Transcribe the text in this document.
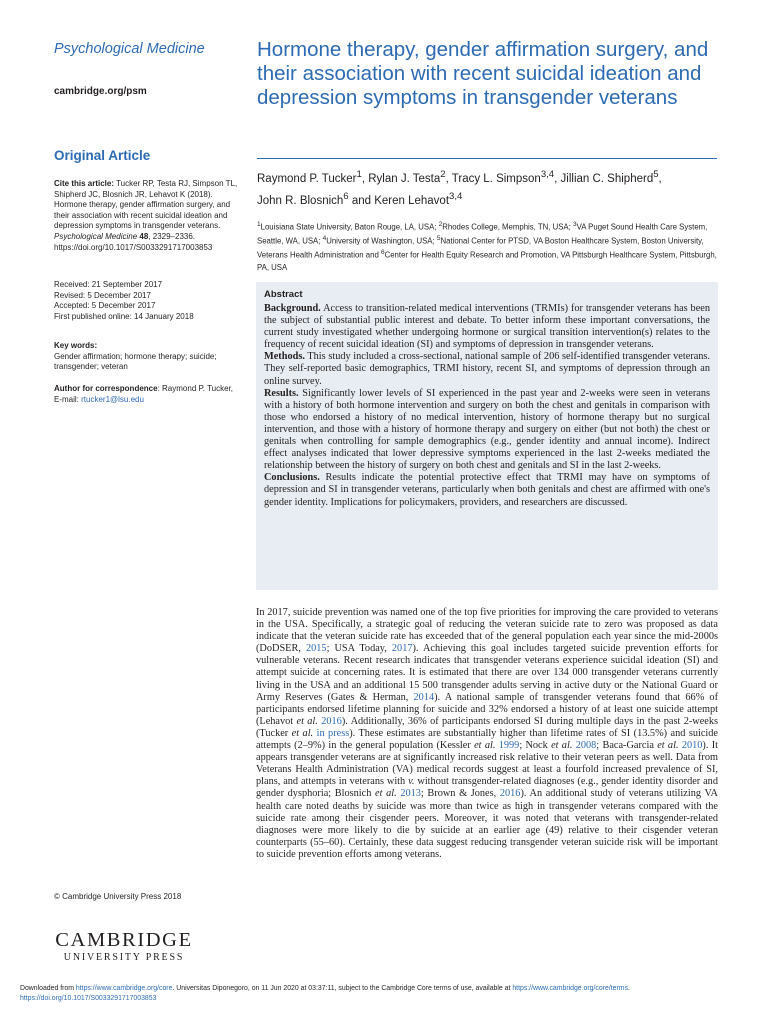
Psychological Medicine
cambridge.org/psm
Original Article
Cite this article: Tucker RP, Testa RJ, Simpson TL, Shipherd JC, Blosnich JR, Lehavot K (2018). Hormone therapy, gender affirmation surgery, and their association with recent suicidal ideation and depression symptoms in transgender veterans. Psychological Medicine 48, 2329–2336. https://doi.org/10.1017/S0033291717003853
Received: 21 September 2017
Revised: 5 December 2017
Accepted: 5 December 2017
First published online: 14 January 2018
Key words:
Gender affirmation; hormone therapy; suicide; transgender; veteran
Author for correspondence: Raymond P. Tucker, E-mail: rtucker1@lsu.edu
© Cambridge University Press 2018
CAMBRIDGE
UNIVERSITY PRESS
Hormone therapy, gender affirmation surgery, and their association with recent suicidal ideation and depression symptoms in transgender veterans
Raymond P. Tucker$^1$, Rylan J. Testa$^2$, Tracy L. Simpson$^{3,4}$, Jillian C. Shipherd$^5$,
John R. Blosnich$^6$ and Keren Lehavot$^{3,4}$
$^1$Louisiana State University, Baton Rouge, LA, USA; $^2$Rhodes College, Memphis, TN, USA; $^3$VA Puget Sound Health Care System, Seattle, WA, USA; $^4$University of Washington, USA; $^5$National Center for PTSD, VA Boston Healthcare System, Boston University, Veterans Health Administration and $^6$Center for Health Equity Research and Promotion, VA Pittsburgh Healthcare System, Pittsburgh, PA, USA
Abstract

Background. Access to transition-related medical interventions (TRMIs) for transgender veterans has been the subject of substantial public interest and debate. To better inform these important conversations, the current study investigated whether undergoing hormone or surgical transition intervention(s) relates to the frequency of recent suicidal ideation (SI) and symptoms of depression in transgender veterans.

Methods. This study included a cross-sectional, national sample of 206 self-identified transgender veterans. They self-reported basic demographics, TRMI history, recent SI, and symptoms of depression through an online survey.

Results. Significantly lower levels of SI experienced in the past year and 2-weeks were seen in veterans with a history of both hormone intervention and surgery on both the chest and genitals in comparison with those who endorsed a history of no medical intervention, history of hormone therapy but no surgical intervention, and those with a history of hormone therapy and surgery on either (but not both) the chest or genitals when controlling for sample demographics (e.g., gender identity and annual income). Indirect effect analyses indicated that lower depressive symptoms experienced in the last 2-weeks mediated the relationship between the history of surgery on both chest and genitals and SI in the last 2-weeks.

Conclusions. Results indicate the potential protective effect that TRMI may have on symptoms of depression and SI in transgender veterans, particularly when both genitals and chest are affirmed with one's gender identity. Implications for policymakers, providers, and researchers are discussed.

In 2017, suicide prevention was named one of the top five priorities for improving the care provided to veterans in the USA. Specifically, a strategic goal of reducing the veteran suicide rate to zero was proposed as data indicate that the veteran suicide rate has exceeded that of the general population each year since the mid-2000s (DoDSER, 2015; USA Today, 2017). Achieving this goal includes targeted suicide prevention efforts for vulnerable veterans. Recent research indicates that transgender veterans experience suicidal ideation (SI) and attempt suicide at concerning rates. It is estimated that there are over 134 000 transgender veterans currently living in the USA and an additional 15 500 transgender adults serving in active duty or the National Guard or Army Reserves (Gates & Herman, 2014). A national sample of transgender veterans found that 66% of participants endorsed lifetime planning for suicide and 32% endorsed a history of at least one suicide attempt (Lehavot et al. 2016). Additionally, 36% of participants endorsed SI during multiple days in the past 2-weeks (Tucker et al. in press). These estimates are substantially higher than lifetime rates of SI (13.5%) and suicide attempts (2–9%) in the general population (Kessler et al. 1999; Nock et al. 2008; Baca-Garcia et al. 2010). It appears transgender veterans are at significantly increased risk relative to their veteran peers as well. Data from Veterans Health Administration (VA) medical records suggest at least a fourfold increased prevalence of SI, plans, and attempts in veterans with v. without transgender-related diagnoses (e.g., gender identity disorder and gender dysphoria; Blosnich et al. 2013; Brown & Jones, 2016). An additional study of veterans utilizing VA health care noted deaths by suicide was more than twice as high in transgender veterans compared with the suicide rate among their cisgender peers. Moreover, it was noted that veterans with transgender-related diagnoses were more likely to die by suicide at an earlier age (49) relative to their cisgender veteran counterparts (55–60). Certainly, these data suggest reducing transgender veteran suicide risk will be important to suicide prevention efforts among veterans.

Downloaded from https://www.cambridge.org/core. Universitas Diponegoro, on 11 Jun 2020 at 03:37:11, subject to the Cambridge Core terms of use, available at https://www.cambridge.org/core/terms. https://doi.org/10.1017/S0033291717003853
